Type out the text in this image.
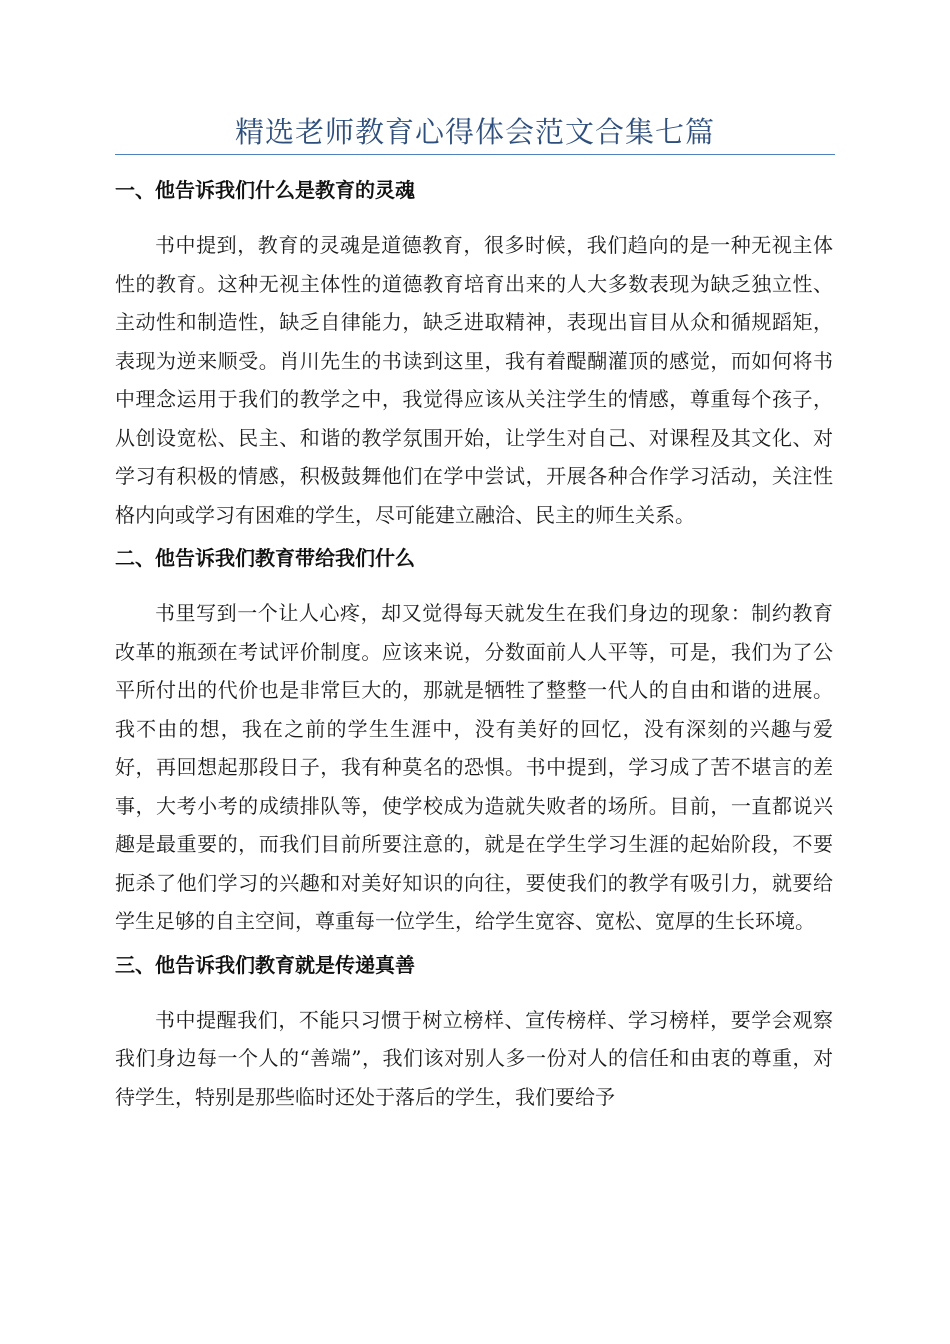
精选老师教育心得体会范文合集七篇
一、他告诉我们什么是教育的灵魂

书中提到，教育的灵魂是道德教育，很多时候，我们趋向的是一种无视主体性的教育。这种无视主体性的道德教育培育出来的人大多数表现为缺乏独立性、主动性和制造性，缺乏自律能力，缺乏进取精神，表现出盲目从众和循规蹈矩，表现为逆来顺受。肖川先生的书读到这里，我有着醍醐灌顶的感觉，而如何将书中理念运用于我们的教学之中，我觉得应该从关注学生的情感，尊重每个孩子，从创设宽松、民主、和谐的教学氛围开始，让学生对自己、对课程及其文化、对学习有积极的情感，积极鼓舞他们在学中尝试，开展各种合作学习活动，关注性格内向或学习有困难的学生，尽可能建立融洽、民主的师生关系。

二、他告诉我们教育带给我们什么

书里写到一个让人心疼，却又觉得每天就发生在我们身边的现象：制约教育改革的瓶颈在考试评价制度。应该来说，分数面前人人平等，可是，我们为了公平所付出的代价也是非常巨大的，那就是牺牲了整整一代人的自由和谐的进展。我不由的想，我在之前的学生生涯中，没有美好的回忆，没有深刻的兴趣与爱好，再回想起那段日子，我有种莫名的恐惧。书中提到，学习成了苦不堪言的差事，大考小考的成绩排队等，使学校成为造就失败者的场所。目前，一直都说兴趣是最重要的，而我们目前所要注意的，就是在学生学习生涯的起始阶段，不要扼杀了他们学习的兴趣和对美好知识的向往，要使我们的教学有吸引力，就要给学生足够的自主空间，尊重每一位学生，给学生宽容、宽松、宽厚的生长环境。

三、他告诉我们教育就是传递真善

书中提醒我们，不能只习惯于树立榜样、宣传榜样、学习榜样，要学会观察我们身边每一个人的“善端”，我们该对别人多一份对人的信任和由衷的尊重，对待学生，特别是那些临时还处于落后的学生，我们要给予
